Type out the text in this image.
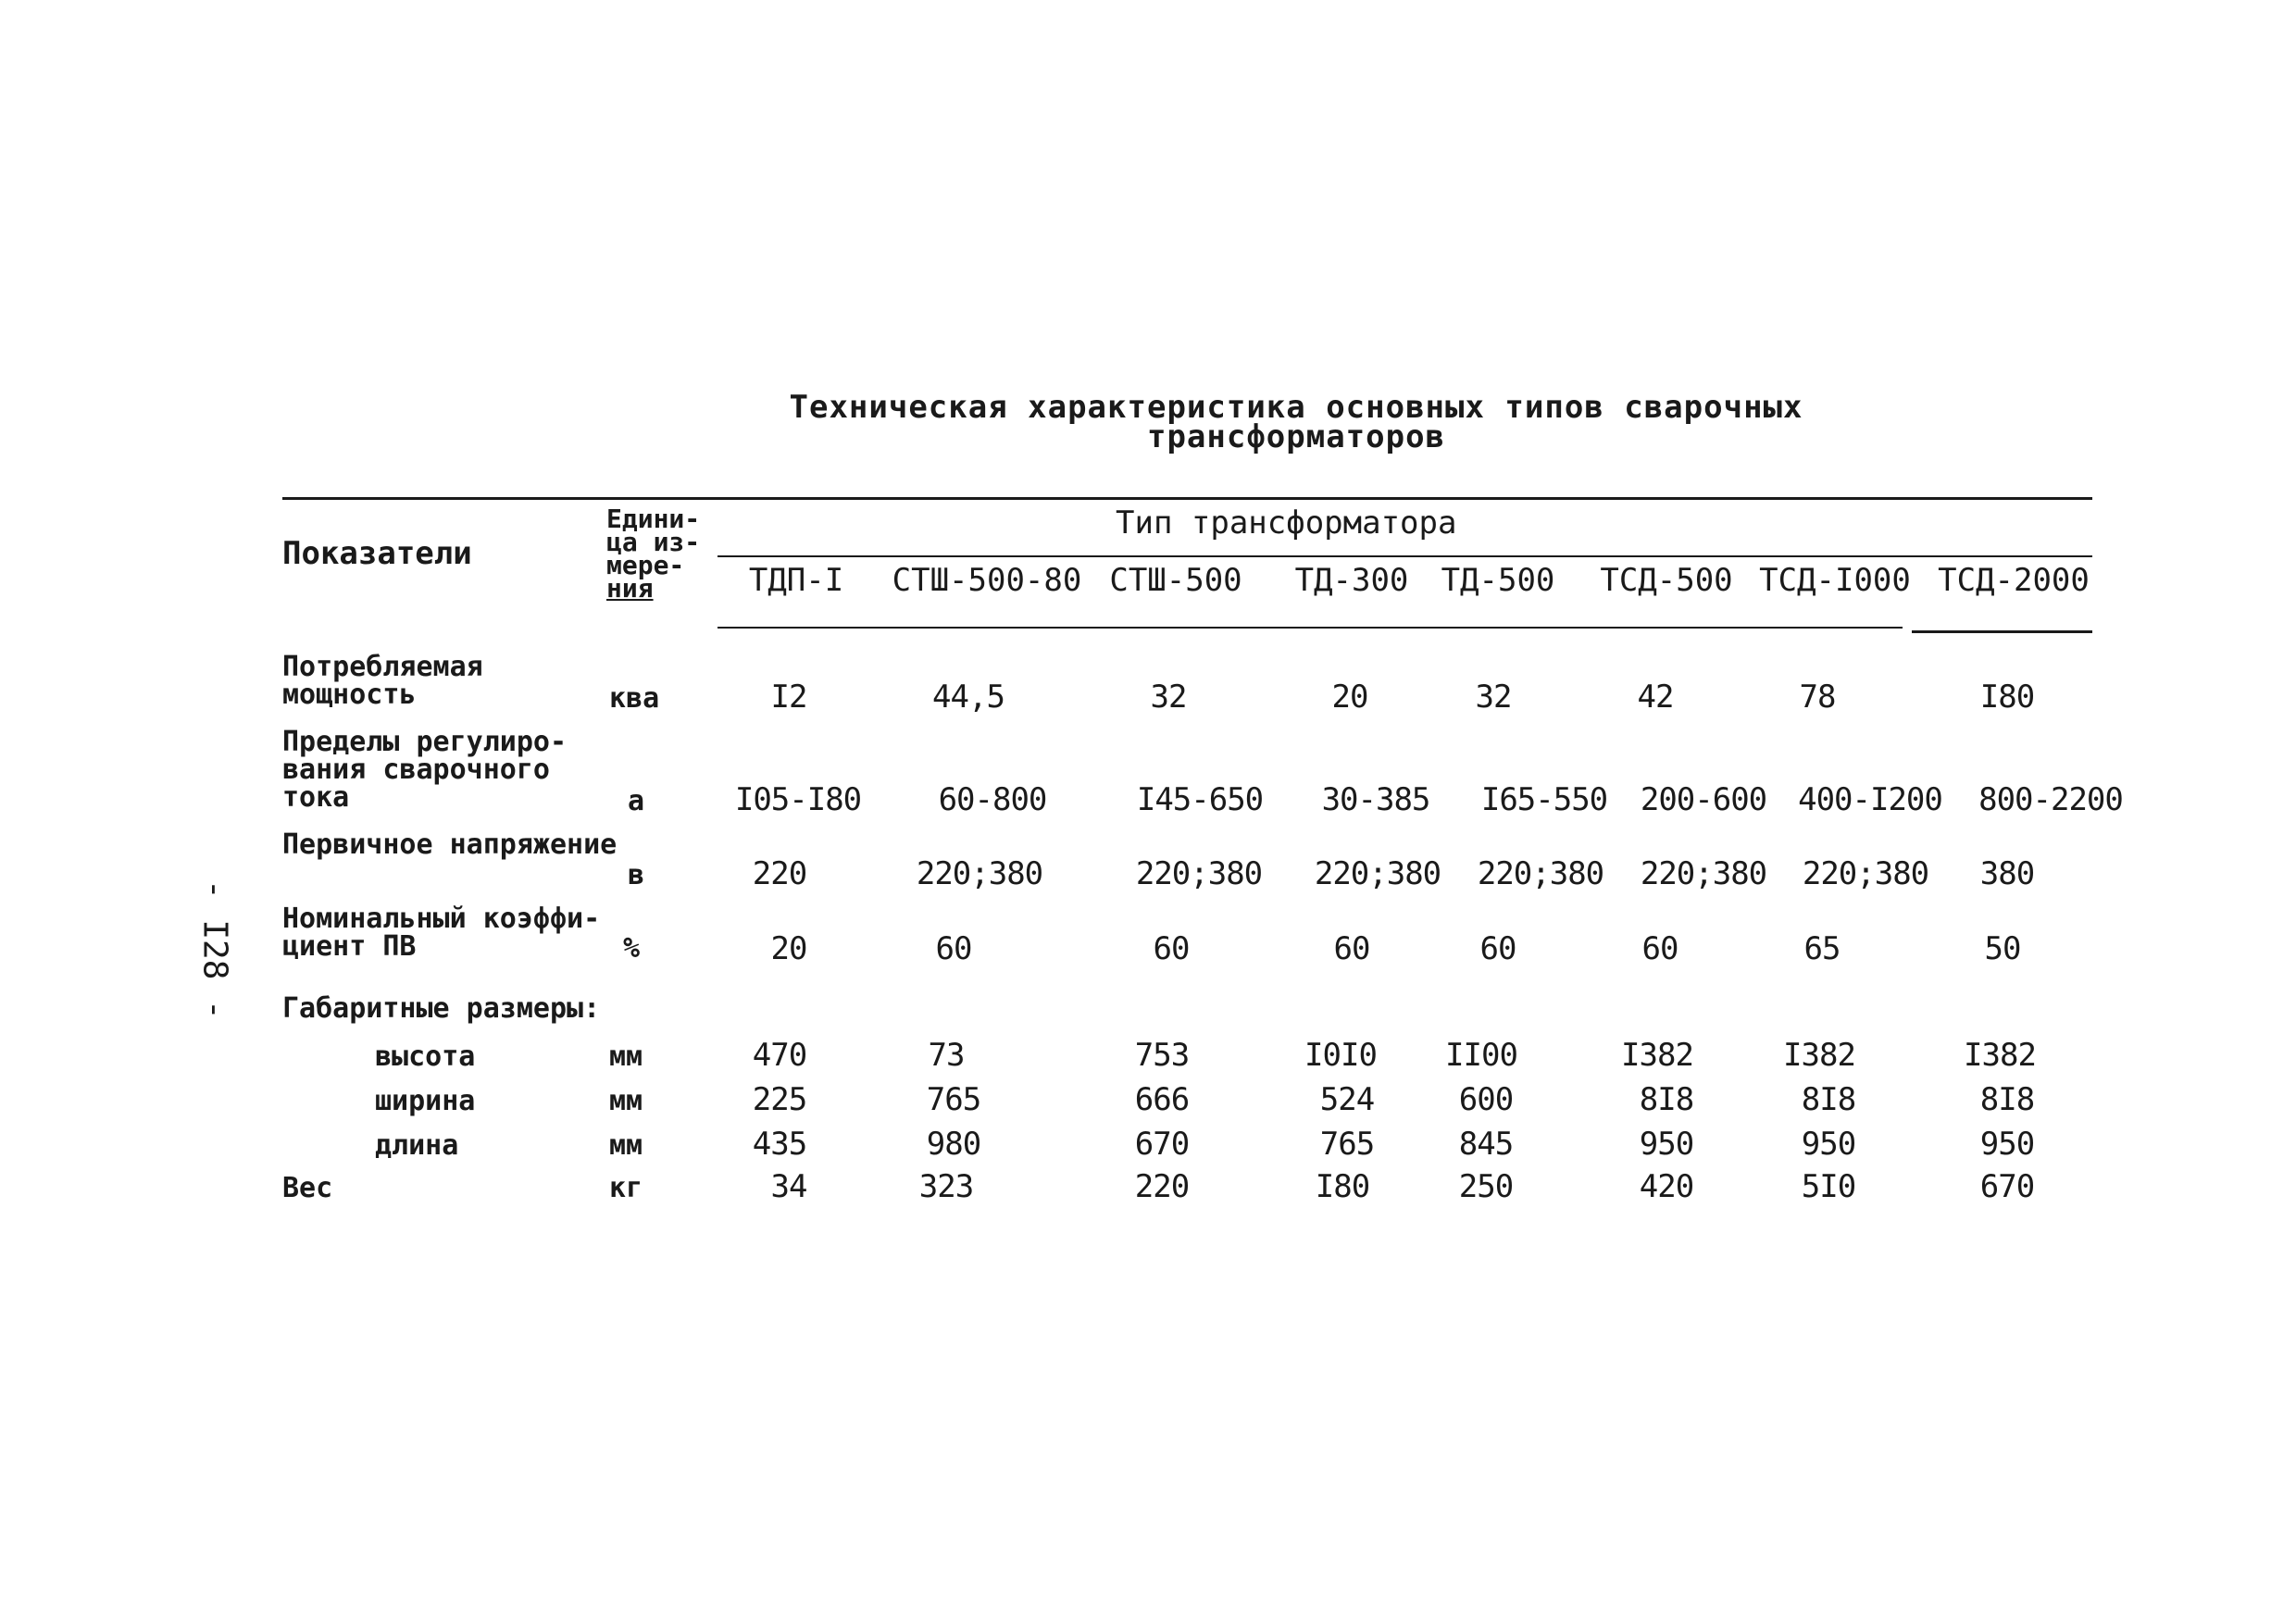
Техническая характеристика основных типов сварочных
трансформаторов
- I28 -
Показатели
Едини-
ца из-
мере-
ния
Тип трансформатора
ТДП-I СТШ-500-80 СТШ-500 ТД-300 ТД-500 ТСД-500 ТСД-I000 ТСД-2000
Потребляемая
мощность	ква	I2	44,5	32	20	32	42	78	I80
Пределы регулиро-
вания сварочного
тока	а	I05-I80 60-800	I45-650 30-385 I65-550 200-600 400-I200 800-2200
Первичное напряжение
в	220	220;380	220;380 220;380 220;380 220;380 220;380 380
Номинальный коэффи-
циент ПВ	%	20	60	60	60	60	60	65	50
Габаритные размеры:
высота	мм	470	73	753	I0I0 II00	I382	I382	I382
ширина	мм	225	765	666	524	600	8I8	8I8	8I8
длина	мм	435	980	670	765	845	950	950	950
Вес	кг	34	323	220	I80	250	420	5I0	670
